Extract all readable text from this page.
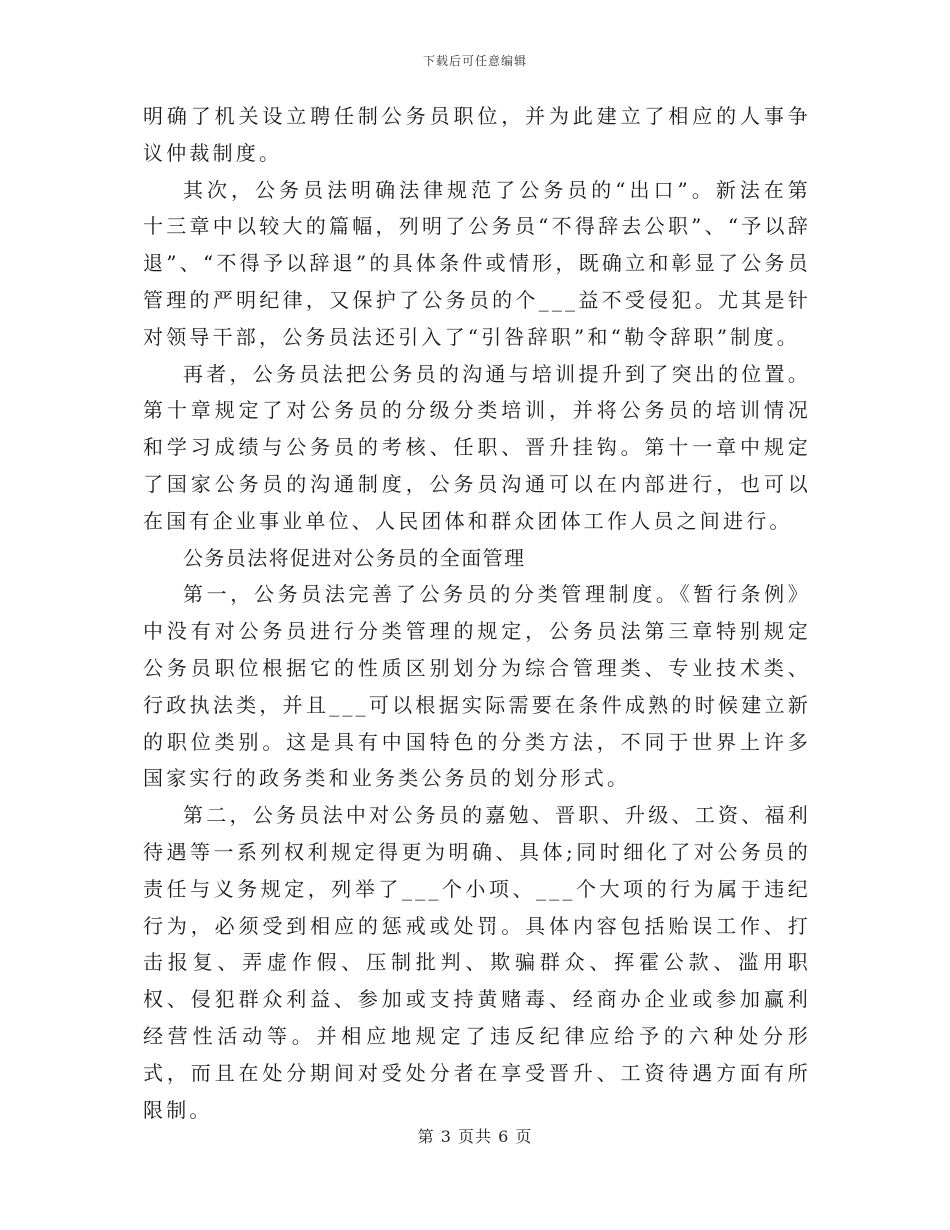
下载后可任意编辑

明确了机关设立聘任制公务员职位，并为此建立了相应的人事争议仲裁制度。

其次，公务员法明确法律规范了公务员的“出口”。新法在第十三章中以较大的篇幅，列明了公务员“不得辞去公职”、“予以辞退”、“不得予以辞退”的具体条件或情形，既确立和彰显了公务员管理的严明纪律，又保护了公务员的个___益不受侵犯。尤其是针对领导干部，公务员法还引入了“引咎辞职”和“勒令辞职”制度。

再者，公务员法把公务员的沟通与培训提升到了突出的位置。第十章规定了对公务员的分级分类培训，并将公务员的培训情况和学习成绩与公务员的考核、任职、晋升挂钩。第十一章中规定了国家公务员的沟通制度，公务员沟通可以在内部进行，也可以在国有企业事业单位、人民团体和群众团体工作人员之间进行。

公务员法将促进对公务员的全面管理

第一，公务员法完善了公务员的分类管理制度。《暂行条例》中没有对公务员进行分类管理的规定，公务员法第三章特别规定公务员职位根据它的性质区别划分为综合管理类、专业技术类、行政执法类，并且___可以根据实际需要在条件成熟的时候建立新的职位类别。这是具有中国特色的分类方法，不同于世界上许多国家实行的政务类和业务类公务员的划分形式。

第二，公务员法中对公务员的嘉勉、晋职、升级、工资、福利待遇等一系列权利规定得更为明确、具体;同时细化了对公务员的责任与义务规定，列举了___个小项、___个大项的行为属于违纪行为，必须受到相应的惩戒或处罚。具体内容包括贻误工作、打击报复、弄虚作假、压制批判、欺骗群众、挥霍公款、滥用职权、侵犯群众利益、参加或支持黄赌毒、经商办企业或参加赢利经营性活动等。并相应地规定了违反纪律应给予的六种处分形式，而且在处分期间对受处分者在享受晋升、工资待遇方面有所限制。

第 3 页共 6 页
